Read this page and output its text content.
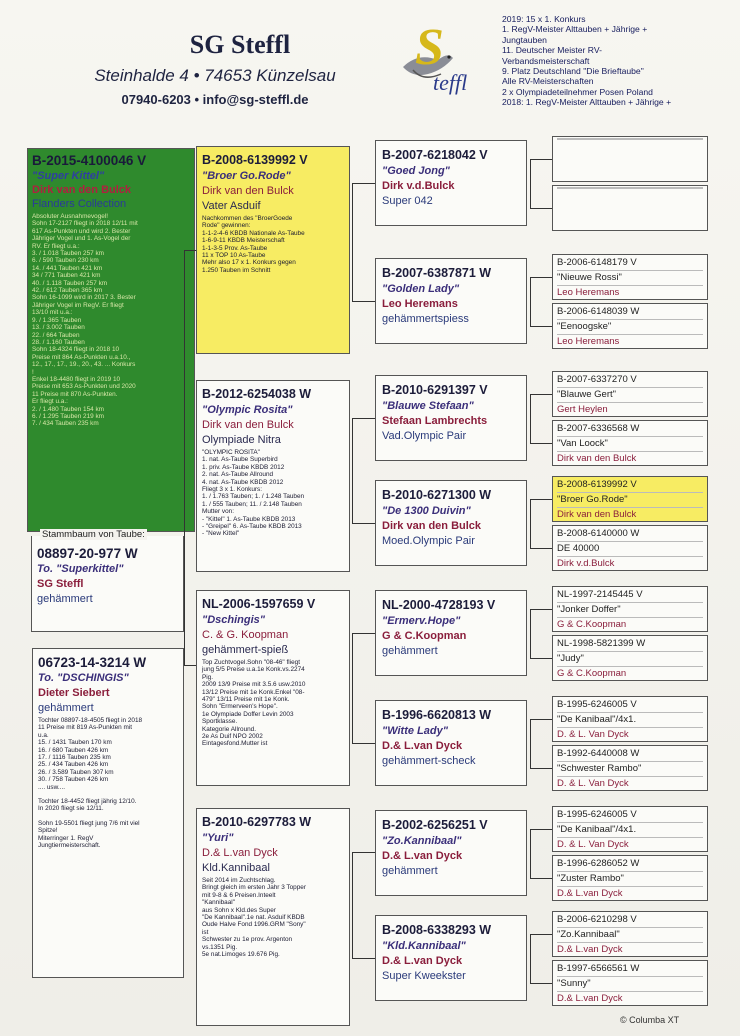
SG Steffl
Steinhalde 4 • 74653 Künzelsau
07940-6203 • info@sg-steffl.de
S
teffl
2019: 15 x 1. Konkurs
1. RegV-Meister Alttauben + Jährige +
Jungtauben
11. Deutscher Meister RV-
Verbandsmeisterschaft
9. Platz Deutschland "Die Brieftaube"
Alle RV-Meisterschaften
2 x Olympiadeteilnehmer Posen Poland
2018: 1. RegV-Meister Alttauben + Jährige +
B-2015-4100046 V
"Super Kittel"
Dirk van den Bulck
Flanders Collection
Absoluter Ausnahmevogel!
Sohn 17-2127 fliegt in 2018 12/11 mit
617 As-Punkten und wird 2. Bester
Jähriger Vogel und 1. As-Vogel der
RV. Er fliegt u.a.:
3. / 1.018 Tauben 257 km
6. / 590 Tauben 230 km
14. / 441 Tauben 421 km
34 / 771 Tauben 421 km
40. / 1.118 Tauben 257 km
42. / 612 Tauben 365 km
Sohn 16-1099 wird in 2017 3. Bester
Jähriger Vogel im RegV. Er fliegt
13/10 mit u.a.:
9. / 1.365 Tauben
13. / 3.002 Tauben
22. / 664 Tauben
28. / 1.160 Tauben
Sohn 18-4324 fliegt in 2018 10
Preise mit 864 As-Punkten u.a.10.,
12., 17., 17., 19., 20., 43. ... Konkurs
!
Enkel 18-4480 fliegt in 2019 10
Preise mit 653 As-Punkten und 2020
11 Preise mit 870 As-Punkten.
Er fliegt u.a.:
2. / 1.480 Tauben 154 km
6. / 1.295 Tauben 219 km
7. / 434 Tauben 235 km
Stammbaum von Taube:
08897-20-977 W
To. "Superkittel"
SG Steffl
gehämmert
06723-14-3214 W
To. "DSCHINGIS"
Dieter Siebert
gehämmert
Tochter 08897-18-4505 fliegt in 2018
11 Preise mit 819 As-Punkten mit
u.a.
15. / 1431 Tauben 170 km
16. / 680 Tauben 426 km
17. / 1116 Tauben 235 km
25. / 434 Tauben 426 km
26. / 3.589 Tauben 307 km
30. / 758 Tauben 426 km
.... usw....
Tochter 18-4452 fliegt jährig 12/10.
In 2020 fliegt sie 12/11.
Sohn 19-5501 fliegt jung 7/6 mit viel
Spitze!
Miterringer 1. RegV
Jungtiermeisterschaft.
B-2008-6139992 V
"Broer Go.Rode"
Dirk van den Bulck
Vater Asduif
Nachkommen des "BroerGoede
Rode" gewinnen:
1-1-2-4-6 KBDB Nationale As-Taube
1-6-9-11 KBDB Meisterschaft
1-1-3-5 Prov. As-Taube
11 x TOP 10 As-Taube
Mehr also 17 x 1. Konkurs gegen
1.250 Tauben im Schnitt
B-2012-6254038 W
"Olympic Rosita"
Dirk van den Bulck
Olympiade Nitra
"OLYMPIC ROSITA"
1. nat. As-Taube Superbird
1. priv. As-Taube KBDB 2012
2. nat. As-Taube Allround
4. nat. As-Taube KBDB 2012
Fliegt 3 x 1. Konkurs:
1. / 1.763 Tauben; 1. / 1.248 Tauben
1. / 555 Tauben; 11. / 2.148 Tauben
Mutter von:
- "Kittel" 1. As-Taube KBDB 2013
- "Greipel" 6. As-Taube KBDB 2013
- "New Kittel"
NL-2006-1597659 V
"Dschingis"
C. & G. Koopman
gehämmert-spieß
Top Zuchtvogel.Sohn "08-46" fliegt
jung 5/5 Preise u.a.1e Konk.vs.2274
Pig.
2009 13/9 Preise mit 3.5.6 usw.2010
13/12 Preise mit 1e Konk.Enkel "08-
479" 13/11 Preise mit 1e Konk.
Sohn "Ermerveen's Hope".
1e Olympiade Doffer Levin 2003
Sportklasse.
Kategorie Allround.
2e As Duif NPO 2002
Eintagesfond.Mutter ist
B-2010-6297783 W
"Yuri"
D.& L.van Dyck
Kld.Kannibaal
Seit 2014 im Zuchtschlag.
Bringt gleich im ersten Jahr 3 Topper
mit 9-8 & 6 Preisen.Inteelt
"Kannibaal"
aus Sohn x Kld.des Super
"De Kannibaal".1e nat. Asduif KBDB
Oude Halve Fond 1996.GRM "Sony"
ist
Schwester zu 1e prov. Argenton
vs.1351 Pig.
5e nat.Limoges 19.676 Pig.
B-2007-6218042 V
"Goed Jong"
Dirk v.d.Bulck
Super 042
B-2007-6387871 W
"Golden Lady"
Leo Heremans
gehämmertspiess
B-2010-6291397 V
"Blauwe Stefaan"
Stefaan Lambrechts
Vad.Olympic Pair
B-2010-6271300 W
"De 1300 Duivin"
Dirk van den Bulck
Moed.Olympic Pair
NL-2000-4728193 V
"Ermerv.Hope"
G & C.Koopman
gehämmert
B-1996-6620813 W
"Witte Lady"
D.& L.van Dyck
gehämmert-scheck
B-2002-6256251 V
"Zo.Kannibaal"
D.& L.van Dyck
gehämmert
B-2008-6338293 W
"Kld.Kannibaal"
D.& L.van Dyck
Super Kweekster
B-2006-6148179 V
"Nieuwe Rossi"
Leo Heremans
B-2006-6148039 W
"Eenoogske"
Leo Heremans
B-2007-6337270 V
"Blauwe Gert"
Gert Heylen
B-2007-6336568 W
"Van Loock"
Dirk van den Bulck
B-2008-6139992 V
"Broer Go.Rode"
Dirk van den Bulck
B-2008-6140000 W
DE 40000
Dirk v.d.Bulck
NL-1997-2145445 V
"Jonker Doffer"
G & C.Koopman
NL-1998-5821399 W
"Judy"
G & C.Koopman
B-1995-6246005 V
"De Kanibaal"/4x1.
D. & L. Van Dyck
B-1992-6440008 W
"Schwester Rambo"
D. & L. Van Dyck
B-1995-6246005 V
"De Kanibaal"/4x1.
D. & L. Van Dyck
B-1996-6286052 W
"Zuster Rambo"
D.& L.van Dyck
B-2006-6210298 V
"Zo.Kannibaal"
D.& L.van Dyck
B-1997-6566561 W
"Sunny"
D.& L.van Dyck
© Columba XT
